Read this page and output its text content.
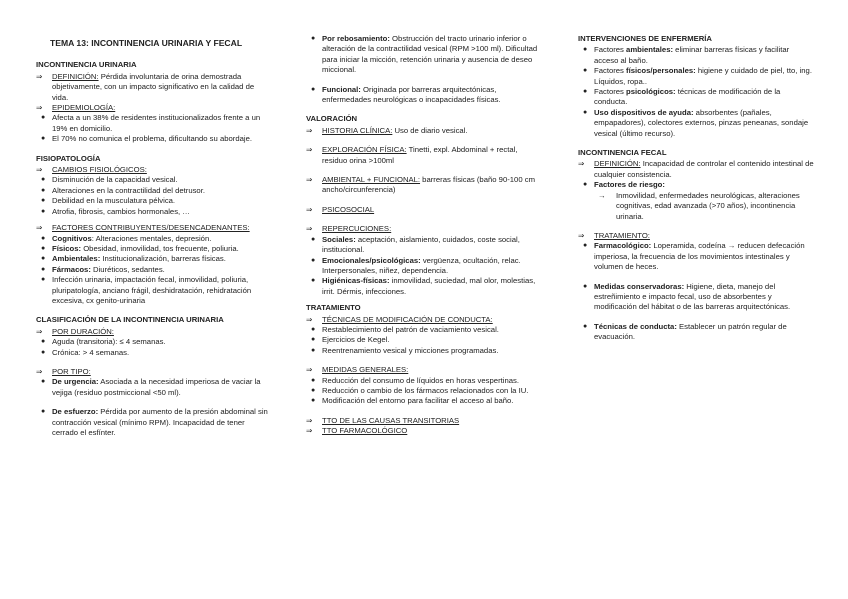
TEMA 13: INCONTINENCIA URINARIA Y FECAL
INCONTINENCIA URINARIA

⇒ DEFINICIÓN: Pérdida involuntaria de orina demostrada objetivamente, con un impacto significativo en la calidad de vida.

⇒ EPIDEMIOLOGÍA:

● Afecta a un 38% de residentes institucionalizados frente a un 19% en domicilio.

● El 70% no comunica el problema, dificultando su abordaje.

FISIOPATOLOGÍA

⇒ CAMBIOS FISIOLÓGICOS:

● Disminución de la capacidad vesical.

● Alteraciones en la contractilidad del detrusor.

● Debilidad en la musculatura pélvica.

● Atrofia, fibrosis, cambios hormonales, …

⇒ FACTORES CONTRIBUYENTES/DESENCADENANTES:

● Cognitivos: Alteraciones mentales, depresión.

● Físicos: Obesidad, inmovilidad, tos frecuente, poliuria.

● Ambientales: Institucionalización, barreras físicas.

● Fármacos: Diuréticos, sedantes.

● Infección urinaria, impactación fecal, inmovilidad, poliuria, pluripatología, anciano frágil, deshidratación, rehidratación excesiva, cx genito-urinaria

CLASIFICACIÓN DE LA INCONTINENCIA URINARIA

⇒ POR DURACIÓN:

● Aguda (transitoria): ≤ 4 semanas.

● Crónica: > 4 semanas.

⇒ POR TIPO:

● De urgencia: Asociada a la necesidad imperiosa de vaciar la vejiga (residuo postmiccional <50 ml).

● De esfuerzo: Pérdida por aumento de la presión abdominal sin contracción vesical (mínimo RPM). Incapacidad de tener cerrado el esfínter.

● Por rebosamiento: Obstrucción del tracto urinario inferior o alteración de la contractilidad vesical (RPM >100 ml). Dificultad para iniciar la micción, retención urinaria y ausencia de deseo miccional.

● Funcional: Originada por barreras arquitectónicas, enfermedades neurológicas o incapacidades físicas.

VALORACIÓN

⇒ HISTORIA CLÍNICA: Uso de diario vesical.

⇒ EXPLORACIÓN FÍSICA: Tinetti, expl. Abdominal + rectal, residuo orina >100ml

⇒ AMBIENTAL + FUNCIONAL: barreras físicas (baño 90-100 cm ancho/circunferencia)

⇒ PSICOSOCIAL

⇒ REPERCUCIONES:

● Sociales: aceptación, aislamiento, cuidados, coste social, institucional.

● Emocionales/psicológicas: vergüenza, ocultación, relac. Interpersonales, niñez, dependencia.

● Higiénicas-físicas: inmovilidad, suciedad, mal olor, molestias, irrit. Dérmis, infecciones.

TRATAMIENTO

⇒ TÉCNICAS DE MODIFICACIÓN DE CONDUCTA:

● Restablecimiento del patrón de vaciamiento vesical.

● Ejercicios de Kegel.

● Reentrenamiento vesical y micciones programadas.

⇒ MEDIDAS GENERALES:

● Reducción del consumo de líquidos en horas vespertinas.

● Reducción o cambio de los fármacos relacionados con la IU.

● Modificación del entorno para facilitar el acceso al baño.

⇒ TTO DE LAS CAUSAS TRANSITORIAS

⇒ TTO FARMACOLÓGICO

INTERVENCIONES DE ENFERMERÍA

● Factores ambientales: eliminar barreras físicas y facilitar acceso al baño.

● Factores físicos/personales: higiene y cuidado de piel, tto, ing. Líquidos, ropa..

● Factores psicológicos: técnicas de modificación de la conducta.

● Uso dispositivos de ayuda: absorbentes (pañales, empapadores), colectores externos, pinzas peneanas, sondaje vesical (último recurso).

INCONTINENCIA FECAL

⇒ DEFINICIÓN: Incapacidad de controlar el contenido intestinal de cualquier consistencia.

● Factores de riesgo:

→ Inmovilidad, enfermedades neurológicas, alteraciones cognitivas, edad avanzada (>70 años), incontinencia urinaria.

⇒ TRATAMIENTO:

● Farmacológico: Loperamida, codeína → reducen defecación imperiosa, la frecuencia de los movimientos intestinales y volumen de heces.

● Medidas conservadoras: Higiene, dieta, manejo del estreñimiento e impacto fecal, uso de absorbentes y modificación del hábitat o de las barreras arquitectónicas.

● Técnicas de conducta: Establecer un patrón regular de evacuación.
